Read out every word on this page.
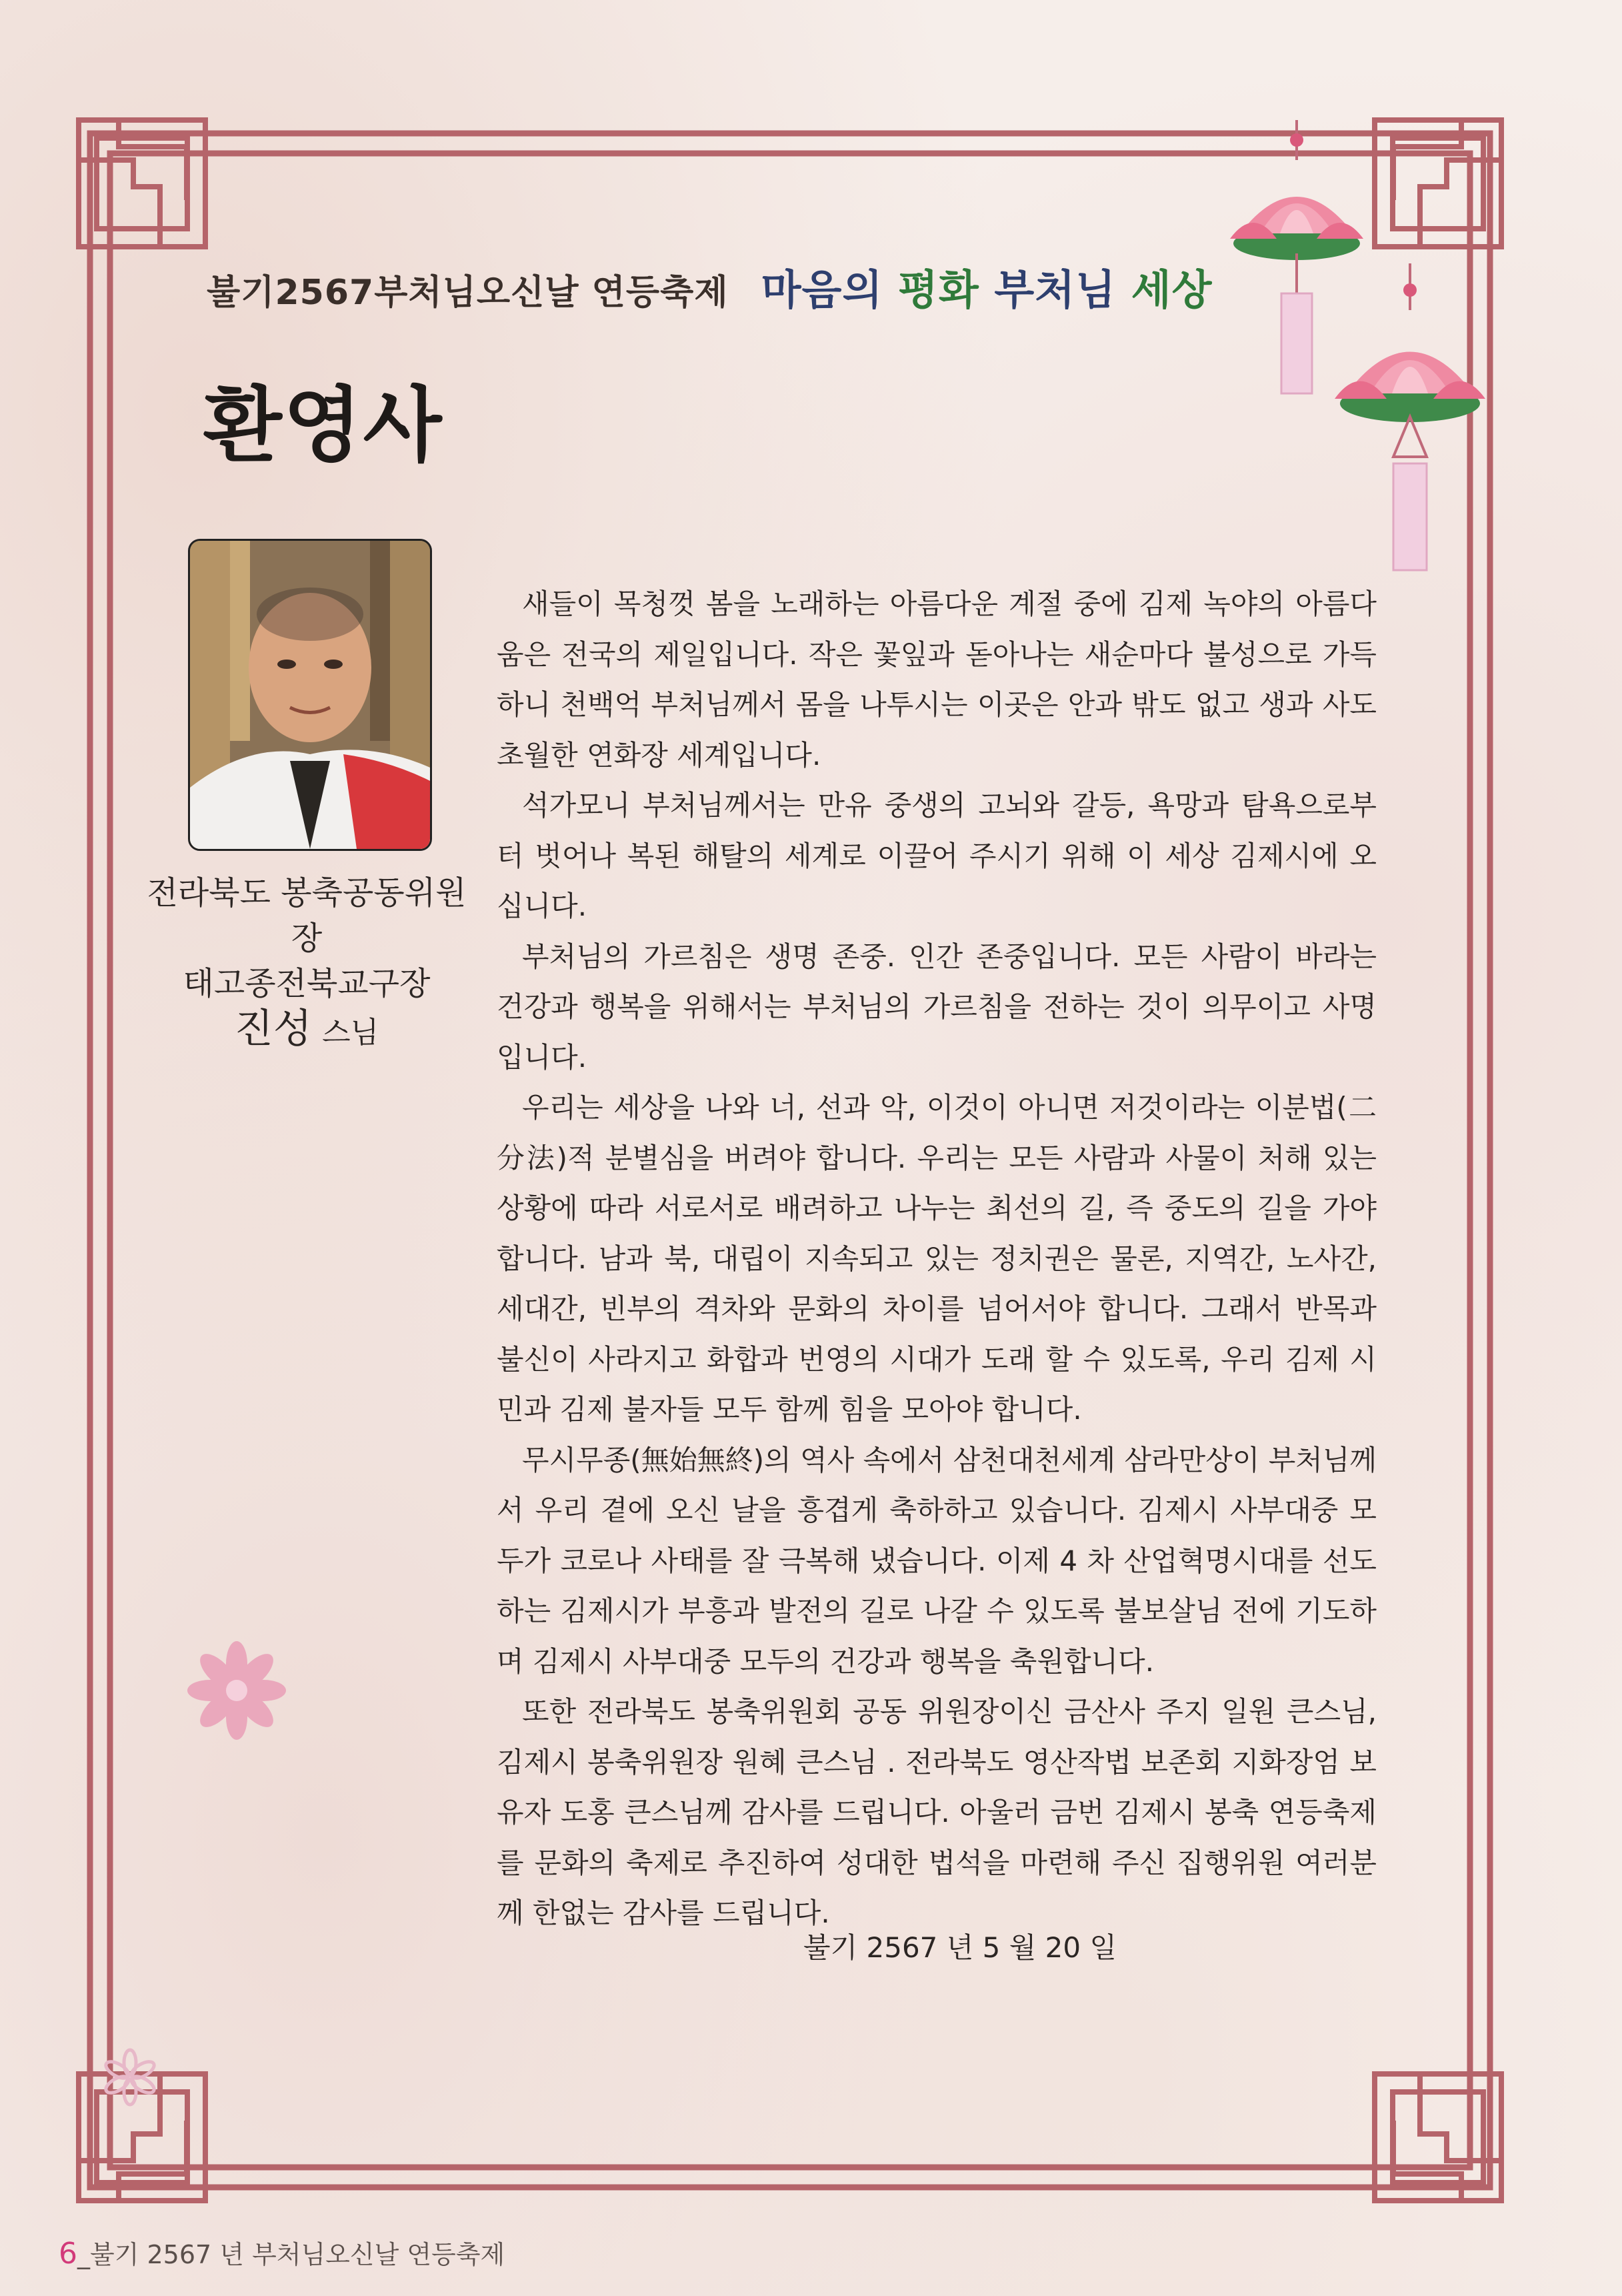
불기2567부처님오신날 연등축제 마음의 평화 부처님 세상
환영사
전라북도 봉축공동위원장
태고종전북교구장
진성 스님

새들이 목청껏 봄을 노래하는 아름다운 계절 중에 김제 녹야의 아름다움은 전국의 제일입니다. 작은 꽃잎과 돋아나는 새순마다 불성으로 가득하니 천백억 부처님께서 몸을 나투시는 이곳은 안과 밖도 없고 생과 사도 초월한 연화장 세계입니다.

석가모니 부처님께서는 만유 중생의 고뇌와 갈등, 욕망과 탐욕으로부터 벗어나 복된 해탈의 세계로 이끌어 주시기 위해 이 세상 김제시에 오십니다.

부처님의 가르침은 생명 존중. 인간 존중입니다. 모든 사람이 바라는 건강과 행복을 위해서는 부처님의 가르침을 전하는 것이 의무이고 사명입니다.

우리는 세상을 나와 너, 선과 악, 이것이 아니면 저것이라는 이분법(二分法)적 분별심을 버려야 합니다. 우리는 모든 사람과 사물이 처해 있는 상황에 따라 서로서로 배려하고 나누는 최선의 길, 즉 중도의 길을 가야 합니다. 남과 북, 대립이 지속되고 있는 정치권은 물론, 지역간, 노사간, 세대간, 빈부의 격차와 문화의 차이를 넘어서야 합니다. 그래서 반목과 불신이 사라지고 화합과 번영의 시대가 도래 할 수 있도록, 우리 김제 시민과 김제 불자들 모두 함께 힘을 모아야 합니다.

무시무종(無始無終)의 역사 속에서 삼천대천세계 삼라만상이 부처님께서 우리 곁에 오신 날을 흥겹게 축하하고 있습니다. 김제시 사부대중 모두가 코로나 사태를 잘 극복해 냈습니다. 이제 4 차 산업혁명시대를 선도하는 김제시가 부흥과 발전의 길로 나갈 수 있도록 불보살님 전에 기도하며 김제시 사부대중 모두의 건강과 행복을 축원합니다.

또한 전라북도 봉축위원회 공동 위원장이신 금산사 주지 일원 큰스님, 김제시 봉축위원장 원혜 큰스님 . 전라북도 영산작법 보존회 지화장엄 보유자 도홍 큰스님께 감사를 드립니다. 아울러 금번 김제시 봉축 연등축제를 문화의 축제로 추진하여 성대한 법석을 마련해 주신 집행위원 여러분께 한없는 감사를 드립니다.

불기 2567 년 5 월 20 일
6_불기 2567 년 부처님오신날 연등축제
